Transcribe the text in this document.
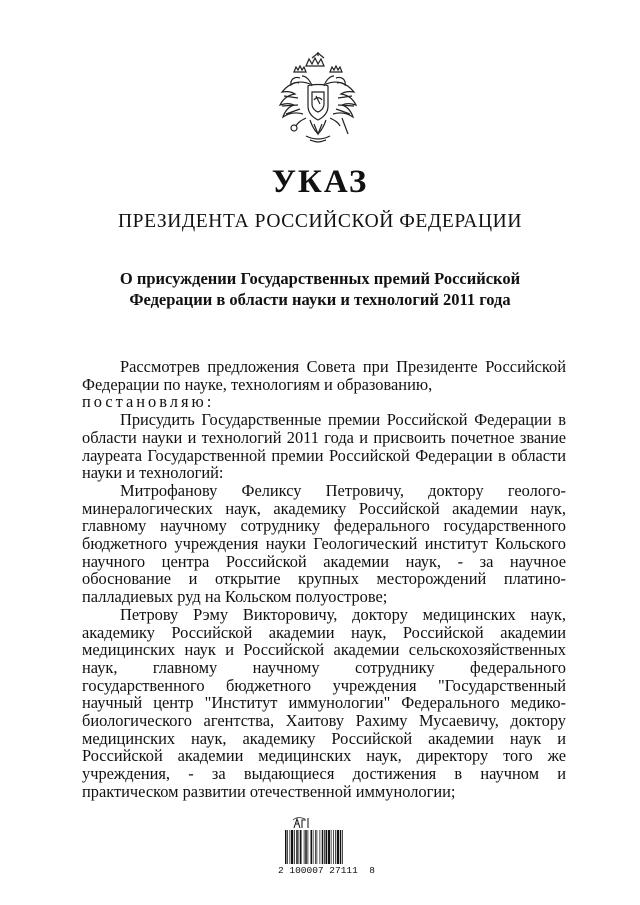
УКАЗ
ПРЕЗИДЕНТА РОССИЙСКОЙ ФЕДЕРАЦИИ
О присуждении Государственных премий Российской
Федерации в области науки и технологий 2011 года

Рассмотрев предложения Совета при Президенте Российской Федерации по науке, технологиям и образованию,

постановляю:

Присудить Государственные премии Российской Федерации в области науки и технологий 2011 года и присвоить почетное звание лауреата Государственной премии Российской Федерации в области науки и технологий:

Митрофанову Феликсу Петровичу, доктору геолого-минералогических наук, академику Российской академии наук, главному научному сотруднику федерального государственного бюджетного учреждения науки Геологический институт Кольского научного центра Российской академии наук, - за научное обоснование и открытие крупных месторождений платино-палладиевых руд на Кольском полуострове;

Петрову Рэму Викторовичу, доктору медицинских наук, академику Российской академии наук, Российской академии медицинских наук и Российской академии сельскохозяйственных наук, главному научному сотруднику федерального государственного бюджетного учреждения "Государственный научный центр "Институт иммунологии" Федерального медико-биологического агентства, Хаитову Рахиму Мусаевичу, доктору медицинских наук, академику Российской академии наук и Российской академии медицинских наук, директору того же учреждения, - за выдающиеся достижения в научном и практическом развитии отечественной иммунологии;

2 100007 27111  8
